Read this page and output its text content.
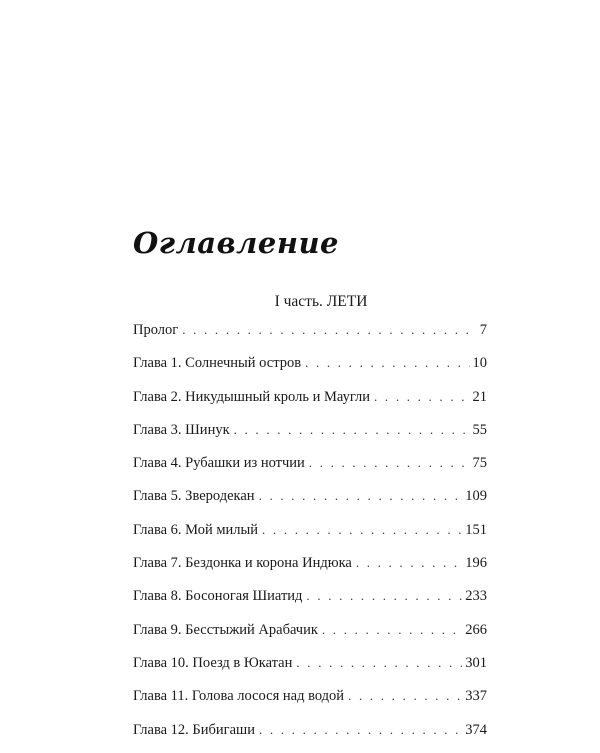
Оглавление
I часть. ЛЕТИ
Пролог . . .	7
Глава 1. Солнечный остров . . .	10
Глава 2. Никудышный кроль и Маугли . . .	21
Глава 3. Шинук . . .	55
Глава 4. Рубашки из нотчии . . .	75
Глава 5. Зверодекан . . .	109
Глава 6. Мой милый . . .	151
Глава 7. Бездонка и корона Индюка . . .	196
Глава 8. Босоногая Шиатид . . .	233
Глава 9. Бесстыжий Арабачик . . .	266
Глава 10. Поезд в Юкатан . . .	301
Глава 11. Голова лосося над водой . . .	337
Глава 12. Бибигаши . . .	374
